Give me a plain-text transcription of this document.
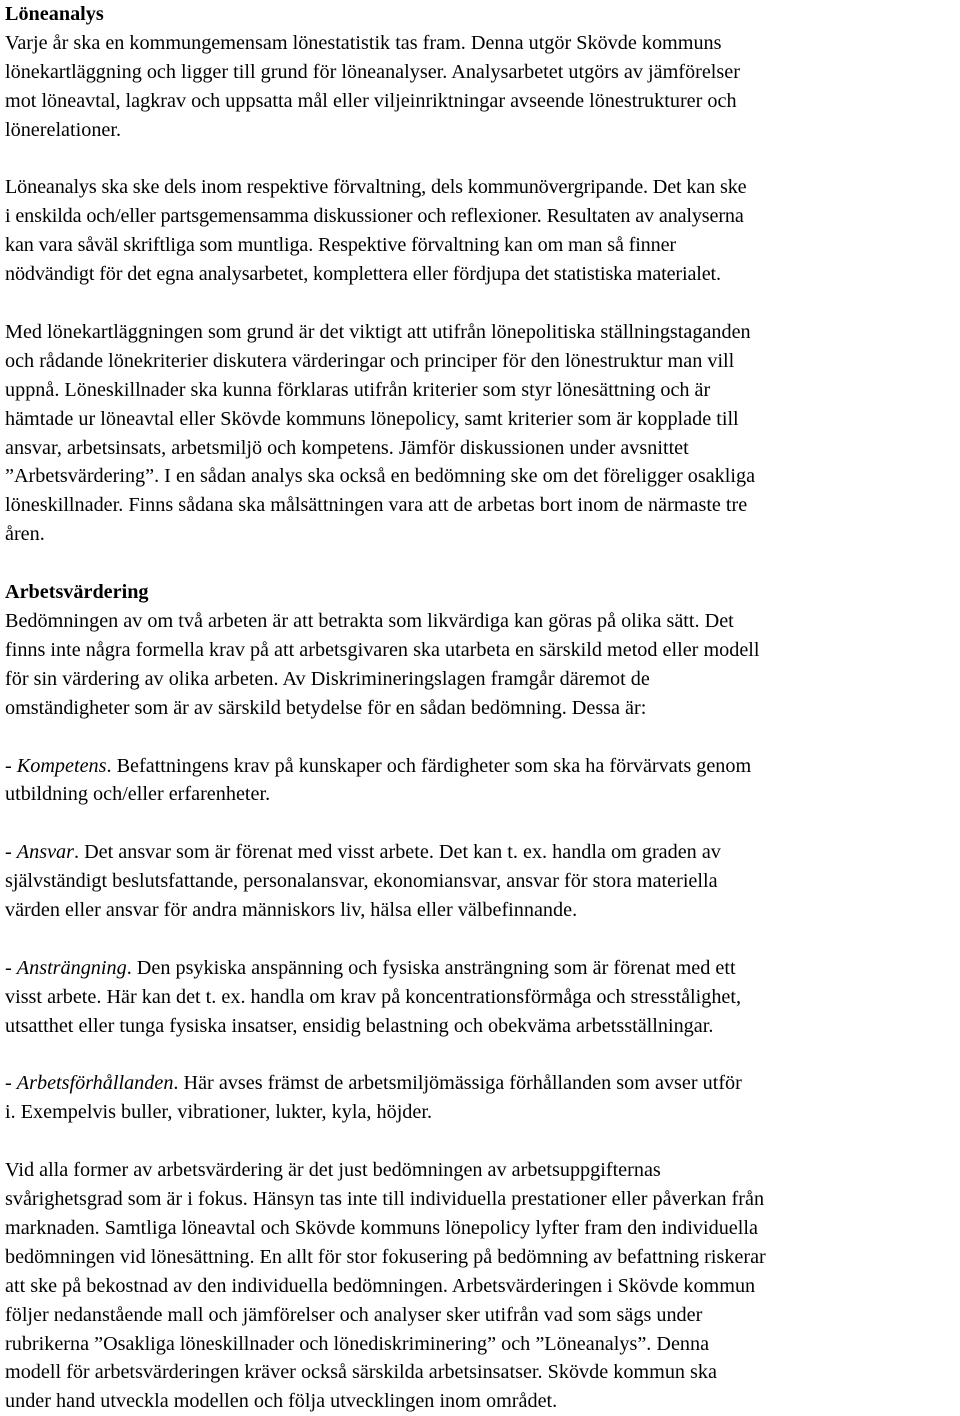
Löneanalys
Varje år ska en kommungemensam lönestatistik tas fram. Denna utgör Skövde kommuns
lönekartläggning och ligger till grund för löneanalyser. Analysarbetet utgörs av jämförelser
mot löneavtal, lagkrav och uppsatta mål eller viljeinriktningar avseende lönestrukturer och
lönerelationer.
Löneanalys ska ske dels inom respektive förvaltning, dels kommunövergripande. Det kan ske
i enskilda och/eller partsgemensamma diskussioner och reflexioner. Resultaten av analyserna
kan vara såväl skriftliga som muntliga. Respektive förvaltning kan om man så finner
nödvändigt för det egna analysarbetet, komplettera eller fördjupa det statistiska materialet.
Med lönekartläggningen som grund är det viktigt att utifrån lönepolitiska ställningstaganden
och rådande lönekriterier diskutera värderingar och principer för den lönestruktur man vill
uppnå. Löneskillnader ska kunna förklaras utifrån kriterier som styr lönesättning och är
hämtade ur löneavtal eller Skövde kommuns lönepolicy, samt kriterier som är kopplade till
ansvar, arbetsinsats, arbetsmiljö och kompetens. Jämför diskussionen under avsnittet
”Arbetsvärdering”. I en sådan analys ska också en bedömning ske om det föreligger osakliga
löneskillnader. Finns sådana ska målsättningen vara att de arbetas bort inom de närmaste tre
åren.
Arbetsvärdering
Bedömningen av om två arbeten är att betrakta som likvärdiga kan göras på olika sätt. Det
finns inte några formella krav på att arbetsgivaren ska utarbeta en särskild metod eller modell
för sin värdering av olika arbeten. Av Diskrimineringslagen framgår däremot de
omständigheter som är av särskild betydelse för en sådan bedömning. Dessa är:
- Kompetens. Befattningens krav på kunskaper och färdigheter som ska ha förvärvats genom
utbildning och/eller erfarenheter.
- Ansvar. Det ansvar som är förenat med visst arbete. Det kan t. ex. handla om graden av
självständigt beslutsfattande, personalansvar, ekonomiansvar, ansvar för stora materiella
värden eller ansvar för andra människors liv, hälsa eller välbefinnande.
- Ansträngning. Den psykiska anspänning och fysiska ansträngning som är förenat med ett
visst arbete. Här kan det t. ex. handla om krav på koncentrationsförmåga och stresstålighet,
utsatthet eller tunga fysiska insatser, ensidig belastning och obekväma arbetsställningar.
- Arbetsförhållanden. Här avses främst de arbetsmiljömässiga förhållanden som avser utför
i. Exempelvis buller, vibrationer, lukter, kyla, höjder.
Vid alla former av arbetsvärdering är det just bedömningen av arbetsuppgifternas
svårighetsgrad som är i fokus. Hänsyn tas inte till individuella prestationer eller påverkan från
marknaden. Samtliga löneavtal och Skövde kommuns lönepolicy lyfter fram den individuella
bedömningen vid lönesättning. En allt för stor fokusering på bedömning av befattning riskerar
att ske på bekostnad av den individuella bedömningen. Arbetsvärderingen i Skövde kommun
följer nedanstående mall och jämförelser och analyser sker utifrån vad som sägs under
rubrikerna ”Osakliga löneskillnader och lönediskriminering” och ”Löneanalys”. Denna
modell för arbetsvärderingen kräver också särskilda arbetsinsatser. Skövde kommun ska
under hand utveckla modellen och följa utvecklingen inom området.
